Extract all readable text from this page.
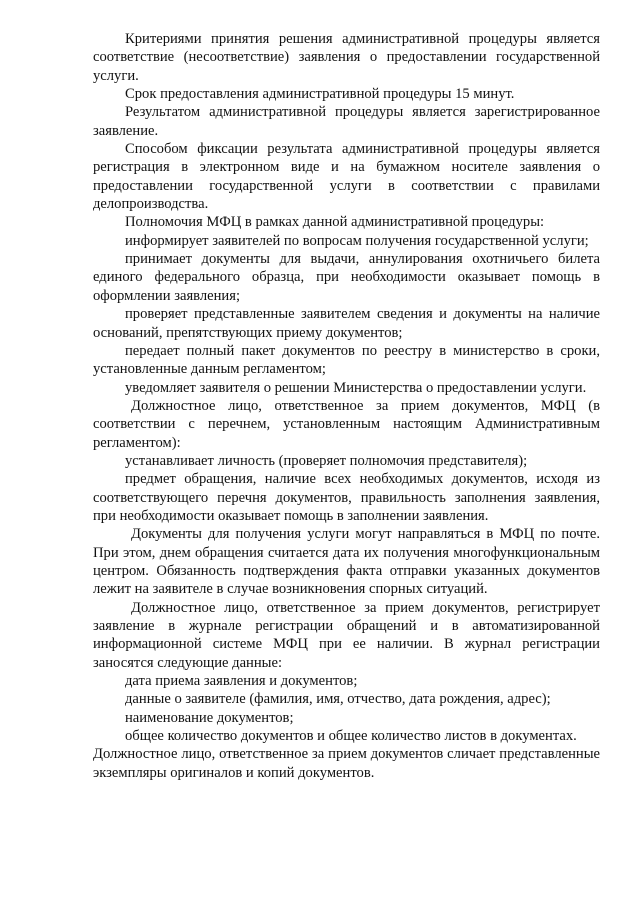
Критериями принятия решения административной процедуры является соответствие (несоответствие) заявления о предоставлении государственной услуги.

Срок предоставления административной процедуры 15 минут.

Результатом административной процедуры является зарегистрированное заявление.

Способом фиксации результата административной процедуры является регистрация в электронном виде и на бумажном носителе заявления о предоставлении государственной услуги в соответствии с правилами делопроизводства.

Полномочия МФЦ в рамках данной административной процедуры:

информирует заявителей по вопросам получения государственной услуги;

принимает документы для выдачи, аннулирования охотничьего билета единого федерального образца, при необходимости оказывает помощь в оформлении заявления;

проверяет представленные заявителем сведения и документы на наличие оснований, препятствующих приему документов;

передает полный пакет документов по реестру в министерство в сроки, установленные данным регламентом;

уведомляет заявителя о решении Министерства о предоставлении услуги.

Должностное лицо, ответственное за прием документов, МФЦ (в соответствии с перечнем, установленным настоящим Административным регламентом):

устанавливает личность (проверяет полномочия представителя);

предмет обращения, наличие всех необходимых документов, исходя из соответствующего перечня документов, правильность заполнения заявления, при необходимости оказывает помощь в заполнении заявления.

Документы для получения услуги могут направляться в МФЦ по почте. При этом, днем обращения считается дата их получения многофункциональным центром. Обязанность подтверждения факта отправки указанных документов лежит на заявителе в случае возникновения спорных ситуаций.

Должностное лицо, ответственное за прием документов, регистрирует заявление в журнале регистрации обращений и в автоматизированной информационной системе МФЦ при ее наличии. В журнал регистрации заносятся следующие данные:

дата приема заявления и документов;

данные о заявителе (фамилия, имя, отчество, дата рождения, адрес);

наименование документов;

общее количество документов и общее количество листов в документах.

Должностное лицо, ответственное за прием документов сличает представленные экземпляры оригиналов и копий документов.
